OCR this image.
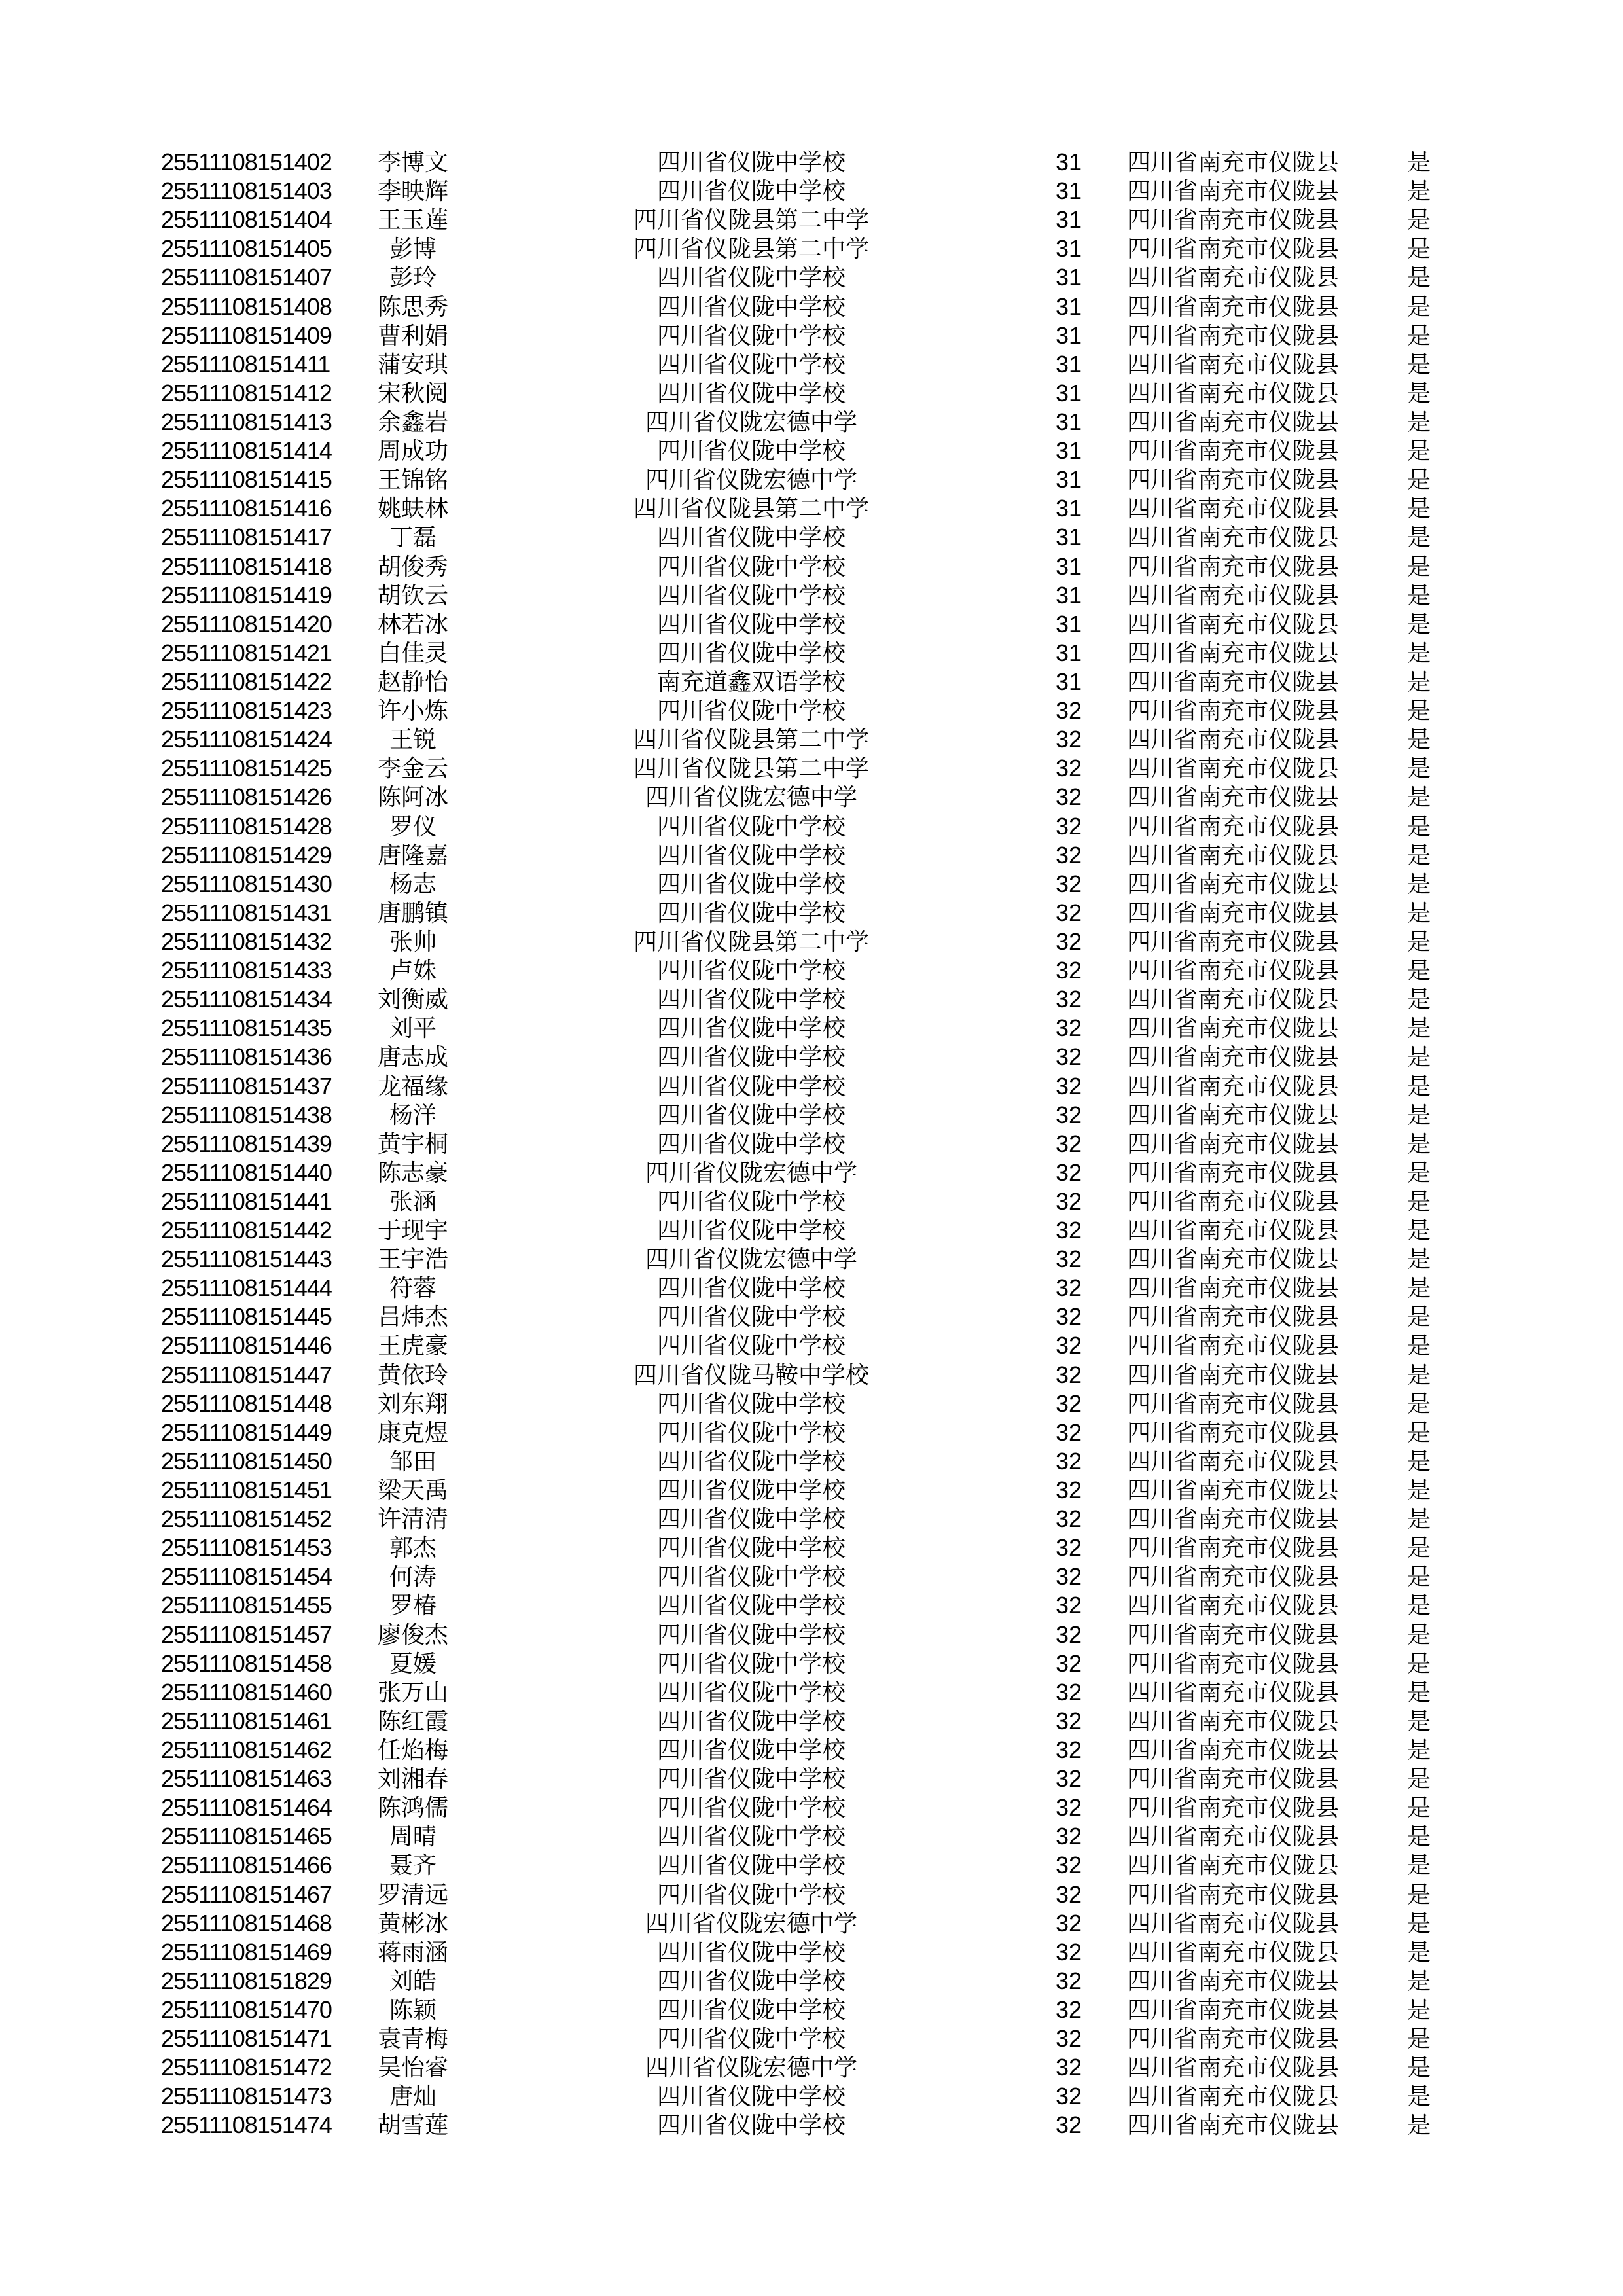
25511108151402	李博文	四川省仪陇中学校	31	四川省南充市仪陇县	是
25511108151403	李映辉	四川省仪陇中学校	31	四川省南充市仪陇县	是
25511108151404	王玉莲	四川省仪陇县第二中学	31	四川省南充市仪陇县	是
25511108151405	彭博	四川省仪陇县第二中学	31	四川省南充市仪陇县	是
25511108151407	彭玲	四川省仪陇中学校	31	四川省南充市仪陇县	是
25511108151408	陈思秀	四川省仪陇中学校	31	四川省南充市仪陇县	是
25511108151409	曹利娟	四川省仪陇中学校	31	四川省南充市仪陇县	是
25511108151411	蒲安琪	四川省仪陇中学校	31	四川省南充市仪陇县	是
25511108151412	宋秋阅	四川省仪陇中学校	31	四川省南充市仪陇县	是
25511108151413	余鑫岩	四川省仪陇宏德中学	31	四川省南充市仪陇县	是
25511108151414	周成功	四川省仪陇中学校	31	四川省南充市仪陇县	是
25511108151415	王锦铭	四川省仪陇宏德中学	31	四川省南充市仪陇县	是
25511108151416	姚蚨林	四川省仪陇县第二中学	31	四川省南充市仪陇县	是
25511108151417	丁磊	四川省仪陇中学校	31	四川省南充市仪陇县	是
25511108151418	胡俊秀	四川省仪陇中学校	31	四川省南充市仪陇县	是
25511108151419	胡钦云	四川省仪陇中学校	31	四川省南充市仪陇县	是
25511108151420	林若冰	四川省仪陇中学校	31	四川省南充市仪陇县	是
25511108151421	白佳灵	四川省仪陇中学校	31	四川省南充市仪陇县	是
25511108151422	赵静怡	南充道鑫双语学校	31	四川省南充市仪陇县	是
25511108151423	许小炼	四川省仪陇中学校	32	四川省南充市仪陇县	是
25511108151424	王锐	四川省仪陇县第二中学	32	四川省南充市仪陇县	是
25511108151425	李金云	四川省仪陇县第二中学	32	四川省南充市仪陇县	是
25511108151426	陈阿冰	四川省仪陇宏德中学	32	四川省南充市仪陇县	是
25511108151428	罗仪	四川省仪陇中学校	32	四川省南充市仪陇县	是
25511108151429	唐隆嘉	四川省仪陇中学校	32	四川省南充市仪陇县	是
25511108151430	杨志	四川省仪陇中学校	32	四川省南充市仪陇县	是
25511108151431	唐鹏镇	四川省仪陇中学校	32	四川省南充市仪陇县	是
25511108151432	张帅	四川省仪陇县第二中学	32	四川省南充市仪陇县	是
25511108151433	卢姝	四川省仪陇中学校	32	四川省南充市仪陇县	是
25511108151434	刘衡威	四川省仪陇中学校	32	四川省南充市仪陇县	是
25511108151435	刘平	四川省仪陇中学校	32	四川省南充市仪陇县	是
25511108151436	唐志成	四川省仪陇中学校	32	四川省南充市仪陇县	是
25511108151437	龙福缘	四川省仪陇中学校	32	四川省南充市仪陇县	是
25511108151438	杨洋	四川省仪陇中学校	32	四川省南充市仪陇县	是
25511108151439	黄宇桐	四川省仪陇中学校	32	四川省南充市仪陇县	是
25511108151440	陈志豪	四川省仪陇宏德中学	32	四川省南充市仪陇县	是
25511108151441	张涵	四川省仪陇中学校	32	四川省南充市仪陇县	是
25511108151442	于现宇	四川省仪陇中学校	32	四川省南充市仪陇县	是
25511108151443	王宇浩	四川省仪陇宏德中学	32	四川省南充市仪陇县	是
25511108151444	符蓉	四川省仪陇中学校	32	四川省南充市仪陇县	是
25511108151445	吕炜杰	四川省仪陇中学校	32	四川省南充市仪陇县	是
25511108151446	王虎豪	四川省仪陇中学校	32	四川省南充市仪陇县	是
25511108151447	黄依玲	四川省仪陇马鞍中学校	32	四川省南充市仪陇县	是
25511108151448	刘东翔	四川省仪陇中学校	32	四川省南充市仪陇县	是
25511108151449	康克煜	四川省仪陇中学校	32	四川省南充市仪陇县	是
25511108151450	邹田	四川省仪陇中学校	32	四川省南充市仪陇县	是
25511108151451	梁天禹	四川省仪陇中学校	32	四川省南充市仪陇县	是
25511108151452	许清清	四川省仪陇中学校	32	四川省南充市仪陇县	是
25511108151453	郭杰	四川省仪陇中学校	32	四川省南充市仪陇县	是
25511108151454	何涛	四川省仪陇中学校	32	四川省南充市仪陇县	是
25511108151455	罗椿	四川省仪陇中学校	32	四川省南充市仪陇县	是
25511108151457	廖俊杰	四川省仪陇中学校	32	四川省南充市仪陇县	是
25511108151458	夏媛	四川省仪陇中学校	32	四川省南充市仪陇县	是
25511108151460	张万山	四川省仪陇中学校	32	四川省南充市仪陇县	是
25511108151461	陈红霞	四川省仪陇中学校	32	四川省南充市仪陇县	是
25511108151462	任焰梅	四川省仪陇中学校	32	四川省南充市仪陇县	是
25511108151463	刘湘春	四川省仪陇中学校	32	四川省南充市仪陇县	是
25511108151464	陈鸿儒	四川省仪陇中学校	32	四川省南充市仪陇县	是
25511108151465	周晴	四川省仪陇中学校	32	四川省南充市仪陇县	是
25511108151466	聂齐	四川省仪陇中学校	32	四川省南充市仪陇县	是
25511108151467	罗清远	四川省仪陇中学校	32	四川省南充市仪陇县	是
25511108151468	黄彬冰	四川省仪陇宏德中学	32	四川省南充市仪陇县	是
25511108151469	蒋雨涵	四川省仪陇中学校	32	四川省南充市仪陇县	是
25511108151829	刘皓	四川省仪陇中学校	32	四川省南充市仪陇县	是
25511108151470	陈颖	四川省仪陇中学校	32	四川省南充市仪陇县	是
25511108151471	袁青梅	四川省仪陇中学校	32	四川省南充市仪陇县	是
25511108151472	吴怡睿	四川省仪陇宏德中学	32	四川省南充市仪陇县	是
25511108151473	唐灿	四川省仪陇中学校	32	四川省南充市仪陇县	是
25511108151474	胡雪莲	四川省仪陇中学校	32	四川省南充市仪陇县	是
